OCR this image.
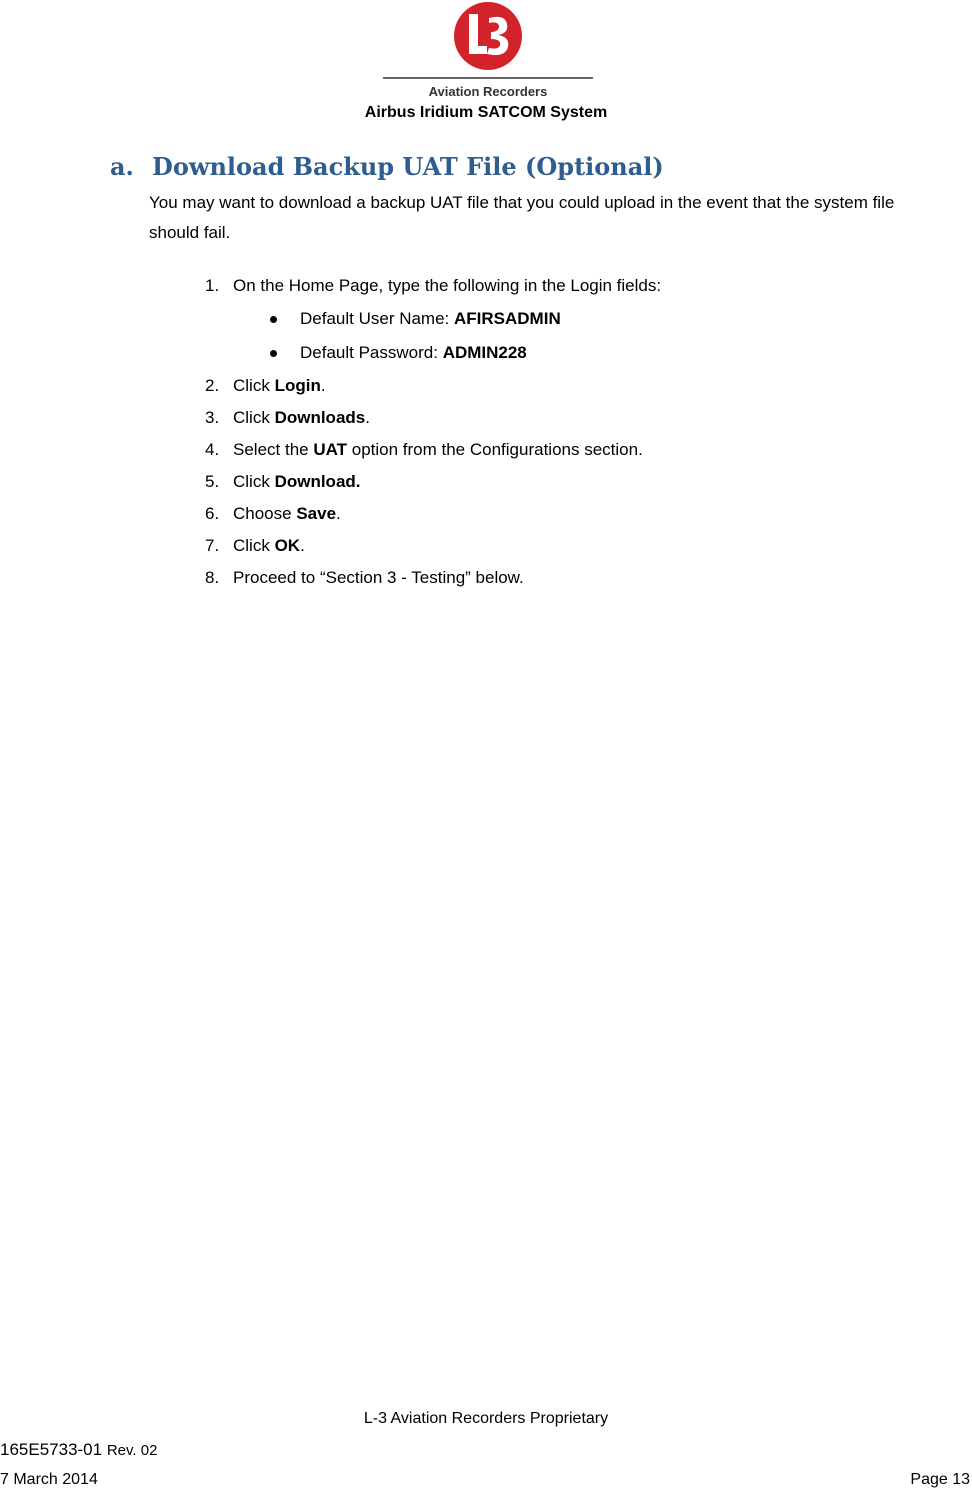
Aviation Recorders
Airbus Iridium SATCOM System
a. Download Backup UAT File (Optional)
You may want to download a backup UAT file that you could upload in the event that the system file should fail.
1. On the Home Page, type the following in the Login fields:
Default User Name: AFIRSADMIN
Default Password: ADMIN228
2. Click Login.
3. Click Downloads.
4. Select the UAT option from the Configurations section.
5. Click Download.
6. Choose Save.
7. Click OK.
8. Proceed to “Section 3 - Testing” below.
L-3 Aviation Recorders Proprietary
165E5733-01 Rev. 02
7 March 2014	Page 13
